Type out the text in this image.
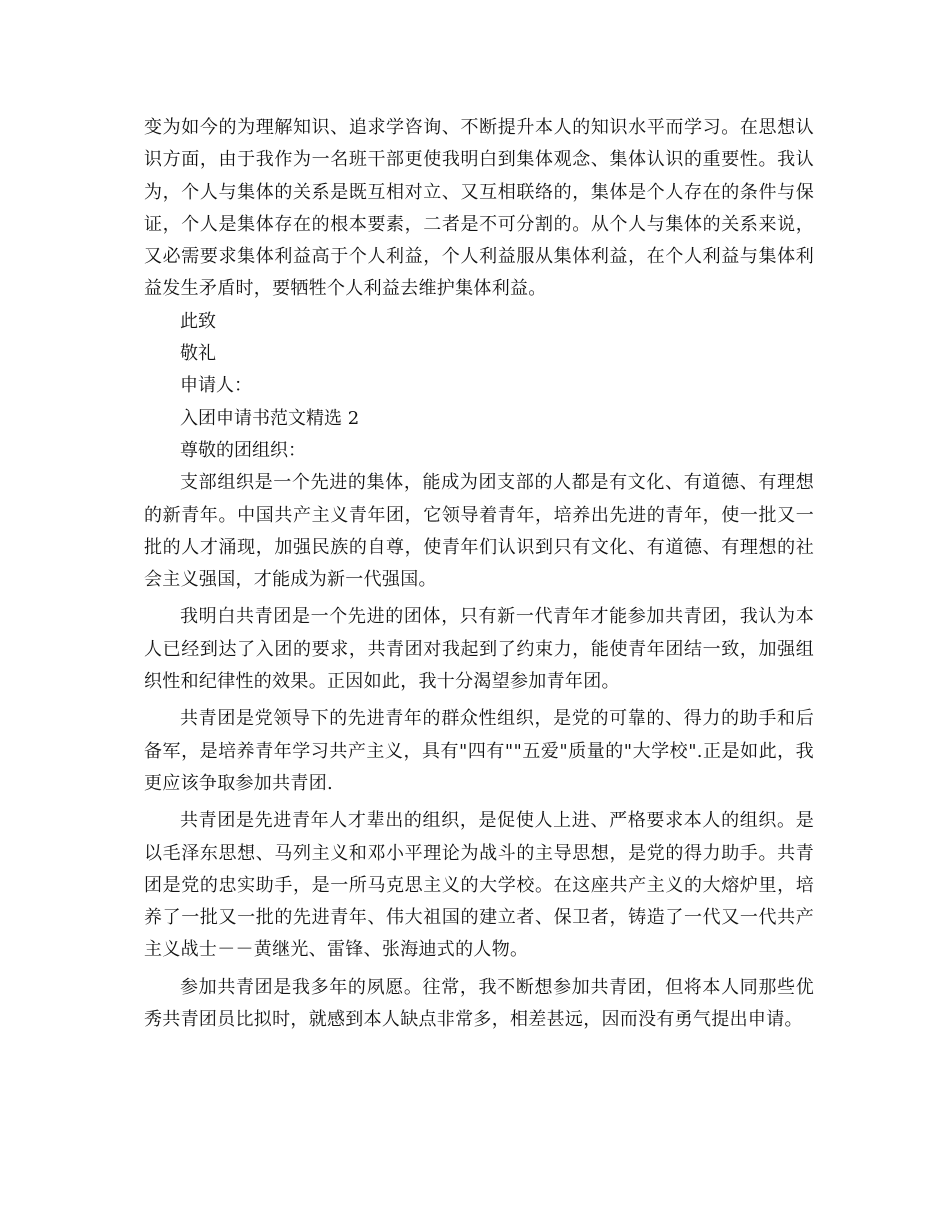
变为如今的为理解知识、追求学咨询、不断提升本人的知识水平而学习。在思想认识方面，由于我作为一名班干部更使我明白到集体观念、集体认识的重要性。我认为，个人与集体的关系是既互相对立、又互相联络的，集体是个人存在的条件与保证，个人是集体存在的根本要素，二者是不可分割的。从个人与集体的关系来说，又必需要求集体利益高于个人利益，个人利益服从集体利益，在个人利益与集体利益发生矛盾时，要牺牲个人利益去维护集体利益。

此致

敬礼

申请人：

入团申请书范文精选 2

尊敬的团组织：

支部组织是一个先进的集体，能成为团支部的人都是有文化、有道德、有理想的新青年。中国共产主义青年团，它领导着青年，培养出先进的青年，使一批又一批的人才涌现，加强民族的自尊，使青年们认识到只有文化、有道德、有理想的社会主义强国，才能成为新一代强国。

我明白共青团是一个先进的团体，只有新一代青年才能参加共青团，我认为本人已经到达了入团的要求，共青团对我起到了约束力，能使青年团结一致，加强组织性和纪律性的效果。正因如此，我十分渴望参加青年团。

共青团是党领导下的先进青年的群众性组织，是党的可靠的、得力的助手和后备军，是培养青年学习共产主义，具有"四有""五爱"质量的"大学校".正是如此，我更应该争取参加共青团.

共青团是先进青年人才辈出的组织，是促使人上进、严格要求本人的组织。是以毛泽东思想、马列主义和邓小平理论为战斗的主导思想，是党的得力助手。共青团是党的忠实助手，是一所马克思主义的大学校。在这座共产主义的大熔炉里，培养了一批又一批的先进青年、伟大祖国的建立者、保卫者，铸造了一代又一代共产主义战士－－黄继光、雷锋、张海迪式的人物。

参加共青团是我多年的夙愿。往常，我不断想参加共青团，但将本人同那些优秀共青团员比拟时，就感到本人缺点非常多，相差甚远，因而没有勇气提出申请。
